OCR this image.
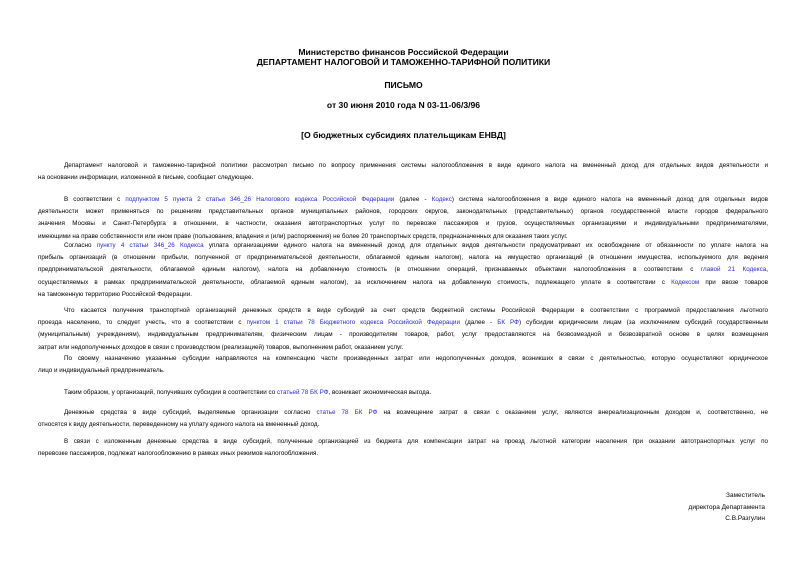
Министерство финансов Российской Федерации
ДЕПАРТАМЕНТ НАЛОГОВОЙ И ТАМОЖЕННО-ТАРИФНОЙ ПОЛИТИКИ
ПИСЬМО
от 30 июня 2010 года N 03-11-06/3/96
[О бюджетных субсидиях плательщикам ЕНВД]

Департамент налоговой и таможенно-тарифной политики рассмотрел письмо по вопросу применения системы налогообложения в виде единого налога на вмененный доход для отдельных видов деятельности и
на основании информации, изложенной в письме, сообщает следующее.

В соответствии с подпунктом 5 пункта 2 статьи 346_26 Налогового кодекса Российской Федерации (далее - Кодекс) система налогообложения в виде единого налога на вмененный доход для отдельных видов
деятельности может применяться по решениям представительных органов муниципальных районов, городских округов, законодательных (представительных) органов государственной власти городов федерального
значения Москвы и Санкт-Петербурга в отношении, в частности, оказания автотранспортных услуг по перевозке пассажиров и грузов, осуществляемых организациями и индивидуальными предпринимателями,
имеющими на праве собственности или ином праве (пользования, владения и (или) распоряжения) не более 20 транспортных средств, предназначенных для оказания таких услуг.

Согласно пункту 4 статьи 346_26 Кодекса уплата организациями единого налога на вмененный доход для отдельных видов деятельности предусматривает их освобождение от обязанности по уплате налога на
прибыль организаций (в отношении прибыли, полученной от предпринимательской деятельности, облагаемой единым налогом), налога на имущество организаций (в отношении имущества, используемого для ведения
предпринимательской деятельности, облагаемой единым налогом), налога на добавленную стоимость (в отношении операций, признаваемых объектами налогообложения в соответствии с главой 21 Кодекса,
осуществляемых в рамках предпринимательской деятельности, облагаемой единым налогом), за исключением налога на добавленную стоимость, подлежащего уплате в соответствии с Кодексом при ввозе товаров
на таможенную территорию Российской Федерации.

Что касается получения транспортной организацией денежных средств в виде субсидий за счет средств бюджетной системы Российской Федерации в соответствии с программой предоставления льготного
проезда населению, то следует учесть, что в соответствии с пунктом 1 статьи 78 Бюджетного кодекса Российской Федерации (далее - БК РФ) субсидии юридическим лицам (за исключением субсидий государственным
(муниципальным) учреждениям), индивидуальным предпринимателям, физическим лицам - производителям товаров, работ, услуг предоставляются на безвозмездной и безвозвратной основе в целях возмещения
затрат или недополученных доходов в связи с производством (реализацией) товаров, выполнением работ, оказанием услуг.

По своему назначению указанные субсидии направляются на компенсацию части произведенных затрат или недополученных доходов, возникших в связи с деятельностью, которую осуществляют юридическое
лицо и индивидуальный предприниматель.

Таким образом, у организаций, получивших субсидии в соответствии со статьей 78 БК РФ, возникает экономическая выгода.

Денежные средства в виде субсидий, выделяемые организации согласно статье 78 БК РФ на возмещение затрат в связи с оказанием услуг, являются внереализационным доходом и, соответственно, не
относятся к виду деятельности, переведенному на уплату единого налога на вмененный доход.

В связи с изложенным денежные средства в виде субсидий, полученные организацией из бюджета для компенсации затрат на проезд льготной категории населения при оказании автотранспортных услуг по
перевозке пассажиров, подлежат налогообложению в рамках иных режимов налогообложения.

Заместитель
директора Департамента
С.В.Разгулин
